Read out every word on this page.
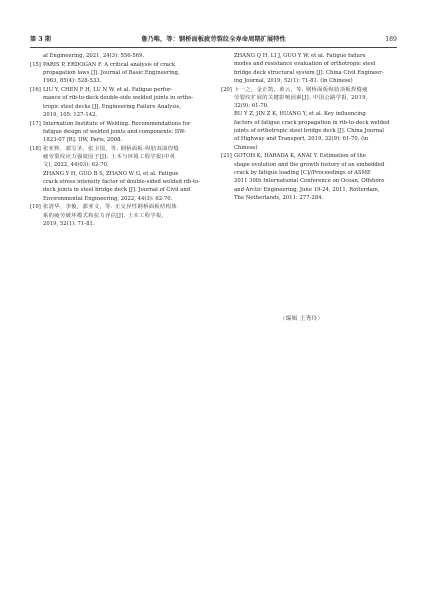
第 3 期	鲁乃唯，等：钢桥面板疲劳裂纹全寿命周期扩展特性	189
al Engineering, 2021, 24(3): 556-569.
[15] PARIS P, ERDOGAN F. A critical analysis of crack
propagation laws [J]. Journal of Basic Engineering,
1963, 85(4): 528-533.
[16] LIU Y, CHEN F H, LU N W, et al. Fatigue perfor-
mance of rib-to-deck double-side welded joints in ortho-
tropic steel decks [J]. Engineering Failure Analysis,
2019, 105: 127-142.
[17] Internation Institute of Welding. Recommendations for
fatigue design of welded joints and components: IIW-
1823-07 [R]. IIW, Paris, 2008.
[18] 张亚辉，郭宝圣，张卫国，等. 钢桥面板-纵肋双面焊缝
疲劳裂纹应力强度因子[J]. 土木与环境工程学报(中英
文), 2022, 44(03): 62-70.
ZHANG Y H, GUO B S, ZHANG W G, et al. Fatigue
crack stress intensity factor of double-sided welded rib-to-
deck joints in steel bridge deck [J]. Journal of Civil and
Environmental Engineering, 2022, 44(3): 62-70.
[19] 张清华，李俊，郭亚文，等. 正交异性钢桥面板结构体
系的疲劳破坏模式和抗力评估[J]. 土木工程学报,
2019, 52(1): 71-81.
ZHANG Q H, LI J, GUO Y W, et al. Fatigue failure
modes and resistance evaluation of orthotropic steel
bridge deck structural system [J]. China Civil Engineer-
ing Journal, 2019, 52(1): 71-81. (in Chinese)
[20] 卜一之，金正凯，黄云，等. 钢桥面板纵肋顶板焊缝疲
劳裂纹扩展的关键影响因素[J]. 中国公路学报, 2019,
32(9): 61-70.
BU Y Z, JIN Z K, HUANG Y, et al. Key influencing
factors of fatigue crack propagation in rib-to-deck welded
joints of orthotropic steel bridge deck [J]. China Journal
of Highway and Transport, 2019, 32(9): 61-70. (in
Chinese)
[21] GOTOH K, HARADA K, ANAI Y. Estimation of the
shape evolution and the growth history of an embedded
crack by fatigue loading [C]//Proceedings of ASME
2011 30th International Conference on Ocean, Offshore
and Arctic Engineering, June 19-24, 2011, Rotterdam,
The Netherlands, 2011: 277-284.
（编辑 王秀玲）
